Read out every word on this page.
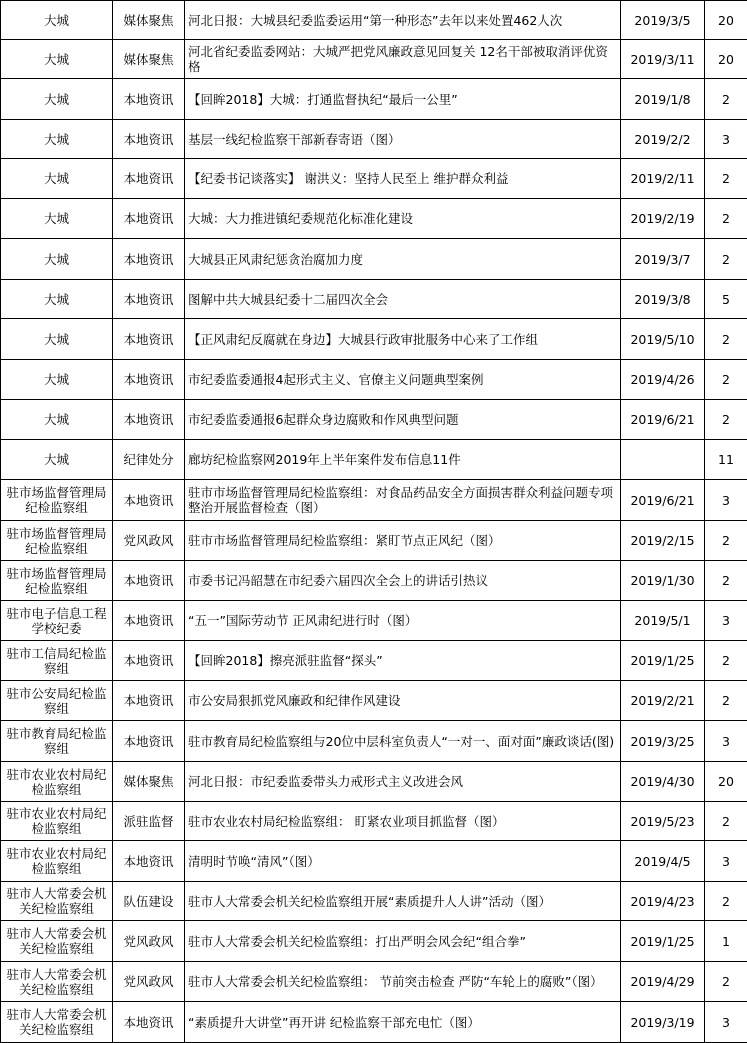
大城	媒体聚焦	河北日报：大城县纪委监委运用“第一种形态”去年以来处置462人次	2019/3/5	20
大城	媒体聚焦	河北省纪委监委网站：大城严把党风廉政意见回复关 12名干部被取消评优资格	2019/3/11	20
大城	本地资讯	【回眸2018】大城：打通监督执纪“最后一公里”	2019/1/8	2
大城	本地资讯	基层一线纪检监察干部新春寄语（图）	2019/2/2	3
大城	本地资讯	【纪委书记谈落实】 谢洪义：坚持人民至上 维护群众利益	2019/2/11	2
大城	本地资讯	大城：大力推进镇纪委规范化标准化建设	2019/2/19	2
大城	本地资讯	大城县正风肃纪惩贪治腐加力度	2019/3/7	2
大城	本地资讯	图解中共大城县纪委十二届四次全会	2019/3/8	5
大城	本地资讯	【正风肃纪反腐就在身边】大城县行政审批服务中心来了工作组	2019/5/10	2
大城	本地资讯	市纪委监委通报4起形式主义、官僚主义问题典型案例	2019/4/26	2
大城	本地资讯	市纪委监委通报6起群众身边腐败和作风典型问题	2019/6/21	2
大城	纪律处分	廊坊纪检监察网2019年上半年案件发布信息11件		11
驻市场监督管理局纪检监察组	本地资讯	驻市市场监督管理局纪检监察组：对食品药品安全方面损害群众利益问题专项整治开展监督检查（图）	2019/6/21	3
驻市场监督管理局纪检监察组	党风政风	驻市市场监督管理局纪检监察组：紧盯节点正风纪（图）	2019/2/15	2
驻市场监督管理局纪检监察组	本地资讯	市委书记冯韶慧在市纪委六届四次全会上的讲话引热议	2019/1/30	2
驻市电子信息工程学校纪委	本地资讯	“五一”国际劳动节 正风肃纪进行时（图）	2019/5/1	3
驻市工信局纪检监察组	本地资讯	【回眸2018】擦亮派驻监督“探头”	2019/1/25	2
驻市公安局纪检监察组	本地资讯	市公安局狠抓党风廉政和纪律作风建设	2019/2/21	2
驻市教育局纪检监察组	本地资讯	驻市教育局纪检监察组与20位中层科室负责人“一对一、面对面”廉政谈话(图)	2019/3/25	3
驻市农业农村局纪检监察组	媒体聚焦	河北日报：市纪委监委带头力戒形式主义改进会风	2019/4/30	20
驻市农业农村局纪检监察组	派驻监督	驻市农业农村局纪检监察组： 盯紧农业项目抓监督（图）	2019/5/23	2
驻市农业农村局纪检监察组	本地资讯	清明时节唤“清风”（图）	2019/4/5	3
驻市人大常委会机关纪检监察组	队伍建设	驻市人大常委会机关纪检监察组开展“素质提升人人讲”活动（图）	2019/4/23	2
驻市人大常委会机关纪检监察组	党风政风	驻市人大常委会机关纪检监察组：打出严明会风会纪“组合拳”	2019/1/25	1
驻市人大常委会机关纪检监察组	党风政风	驻市人大常委会机关纪检监察组： 节前突击检查 严防“车轮上的腐败”（图）	2019/4/29	2
驻市人大常委会机关纪检监察组	本地资讯	“素质提升大讲堂”再开讲 纪检监察干部充电忙（图）	2019/3/19	3
